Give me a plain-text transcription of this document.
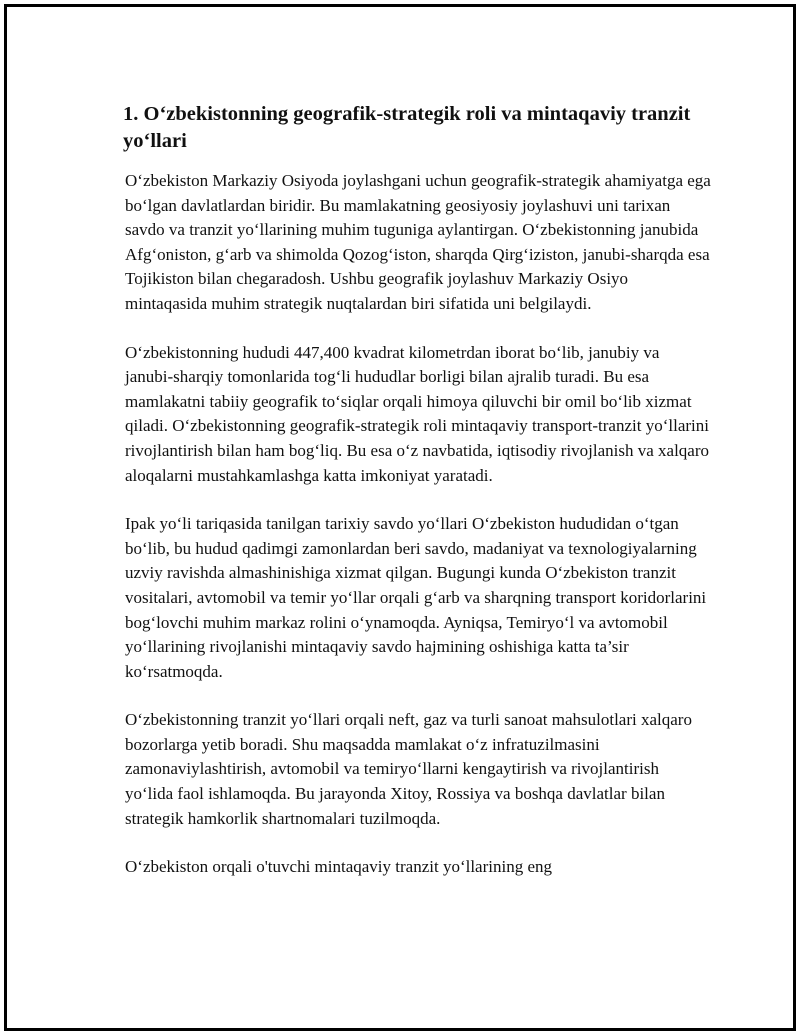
1. O‘zbekistonning geografik-strategik roli va mintaqaviy tranzit yo‘llari

O‘zbekiston Markaziy Osiyoda joylashgani uchun geografik-strategik ahamiyatga ega bo‘lgan davlatlardan biridir. Bu mamlakatning geosiyosiy joylashuvi uni tarixan savdo va tranzit yo‘llarining muhim tuguniga aylantirgan. O‘zbekistonning janubida Afg‘oniston, g‘arb va shimolda Qozog‘iston, sharqda Qirg‘iziston, janubi-sharqda esa Tojikiston bilan chegaradosh. Ushbu geografik joylashuv Markaziy Osiyo mintaqasida muhim strategik nuqtalardan biri sifatida uni belgilaydi.

O‘zbekistonning hududi 447,400 kvadrat kilometrdan iborat bo‘lib, janubiy va janubi-sharqiy tomonlarida tog‘li hududlar borligi bilan ajralib turadi. Bu esa mamlakatni tabiiy geografik to‘siqlar orqali himoya qiluvchi bir omil bo‘lib xizmat qiladi. O‘zbekistonning geografik-strategik roli mintaqaviy transport-tranzit yo‘llarini rivojlantirish bilan ham bog‘liq. Bu esa o‘z navbatida, iqtisodiy rivojlanish va xalqaro aloqalarni mustahkamlashga katta imkoniyat yaratadi.

Ipak yo‘li tariqasida tanilgan tarixiy savdo yo‘llari O‘zbekiston hududidan o‘tgan bo‘lib, bu hudud qadimgi zamonlardan beri savdo, madaniyat va texnologiyalarning uzviy ravishda almashinishiga xizmat qilgan. Bugungi kunda O‘zbekiston tranzit vositalari, avtomobil va temir yo‘llar orqali g‘arb va sharqning transport koridorlarini bog‘lovchi muhim markaz rolini o‘ynamoqda. Ayniqsa, Temiryo‘l va avtomobil yo‘llarining rivojlanishi mintaqaviy savdo hajmining oshishiga katta ta’sir ko‘rsatmoqda.

O‘zbekistonning tranzit yo‘llari orqali neft, gaz va turli sanoat mahsulotlari xalqaro bozorlarga yetib boradi. Shu maqsadda mamlakat o‘z infratuzilmasini zamonaviylashtirish, avtomobil va temiryo‘llarni kengaytirish va rivojlantirish yo‘lida faol ishlamoqda. Bu jarayonda Xitoy, Rossiya va boshqa davlatlar bilan strategik hamkorlik shartnomalari tuzilmoqda.

O‘zbekiston orqali o'tuvchi mintaqaviy tranzit yo‘llarining eng
